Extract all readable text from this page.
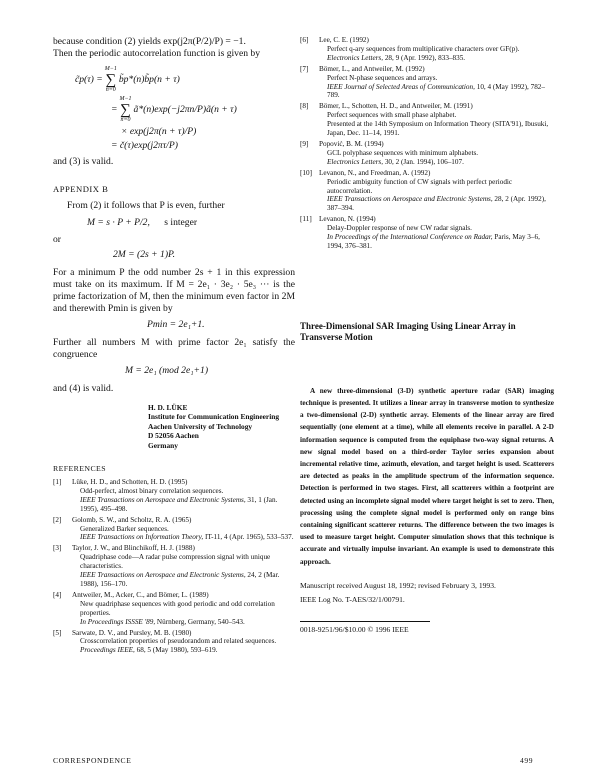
because condition (2) yields exp(j2π(P/2)/P) = −1.

Then the periodic autocorrelation function is given by

c̃p(τ) =
M−1
∑
n=0
b̃p*(n)b̃p(n + τ)
=
M−1
∑
n=0
ã*(n)exp(−j2πn/P)ã(n + τ)

× exp(j2π(n + τ)/P)

= č(τ)exp(j2πτ/P)

and (3) is valid.

APPENDIX B

From (2) it follows that P is even, further

M = s · P + P/2, s integer

or

2M = (2s + 1)P.

For a minimum P the odd number 2s + 1 in this expression must take on its maximum. If M = 2e₁ · 3e₂ · 5e₃ ··· is the prime factorization of M, then the minimum even factor in 2M and therewith Pmin is given by

Pmin = 2e₁+1.

Further all numbers M with prime factor 2e₁ satisfy the congruence

M = 2e₁ (mod 2e₁+1)

and (4) is valid.

H. D. LÜKE
Institute for Communication Engineering
Aachen University of Technology
D 52056 Aachen
Germany
REFERENCES
[1]	Lüke, H. D., and Schotten, H. D. (1995)
Odd-perfect, almost binary correlation sequences.
IEEE Transactions on Aerospace and Electronic Systems, 31, 1 (Jan. 1995), 495–498.
[2]	Golomb, S. W., and Scholtz, R. A. (1965)
Generalized Barker sequences.
IEEE Transactions on Information Theory, IT-11, 4 (Apr. 1965), 533–537.
[3]	Taylor, J. W., and Blinchikoff, H. J. (1988)
Quadriphase code—A radar pulse compression signal with unique characteristics.
IEEE Transactions on Aerospace and Electronic Systems, 24, 2 (Mar. 1988), 156–170.
[4]	Antweiler, M., Acker, C., and Bömer, L. (1989)
New quadriphase sequences with good periodic and odd correlation properties.
In Proceedings ISSSE '89, Nürnberg, Germany, 540–543.
[5]	Sarwate, D. V., and Pursley, M. B. (1980)
Crosscorrelation properties of pseudorandom and related sequences.
Proceedings IEEE, 68, 5 (May 1980), 593–619.
[6]	Lee, C. E. (1992)
Perfect q-ary sequences from multiplicative characters over GF(p).
Electronics Letters, 28, 9 (Apr. 1992), 833–835.
[7]	Bömer, L., and Antweiler, M. (1992)
Perfect N-phase sequences and arrays.
IEEE Journal of Selected Areas of Communication, 10, 4 (May 1992), 782–789.
[8]	Bömer, L., Schotten, H. D., and Antweiler, M. (1991)
Perfect sequences with small phase alphabet.
Presented at the 14th Symposium on Information Theory (SITA'91), Ibusuki, Japan, Dec. 11–14, 1991.
[9]	Popović, B. M. (1994)
GCL polyphase sequences with minimum alphabets.
Electronics Letters, 30, 2 (Jan. 1994), 106–107.
[10] Levanon, N., and Freedman, A. (1992)
Periodic ambiguity function of CW signals with perfect periodic autocorrelation.
IEEE Transactions on Aerospace and Electronic Systems, 28, 2 (Apr. 1992), 387–394.
[11]	Levanon, N. (1994)
Delay-Doppler response of new CW radar signals.
In Proceedings of the International Conference on Radar, Paris, May 3–6, 1994, 376–381.

Three-Dimensional SAR Imaging Using Linear Array in Transverse Motion

A new three-dimensional (3-D) synthetic aperture radar (SAR) imaging technique is presented. It utilizes a linear array in transverse motion to synthesize a two-dimensional (2-D) synthetic array. Elements of the linear array are fired sequentially (one element at a time), while all elements receive in parallel. A 2-D information sequence is computed from the equiphase two-way signal returns. A new signal model based on a third-order Taylor series expansion about incremental relative time, azimuth, elevation, and target height is used. Scatterers are detected as peaks in the amplitude spectrum of the information sequence. Detection is performed in two stages. First, all scatterers within a footprint are detected using an incomplete signal model where target height is set to zero. Then, processing using the complete signal model is performed only on range bins containing significant scatterer returns. The difference between the two images is used to measure target height. Computer simulation shows that this technique is accurate and virtually impulse invariant. An example is used to demonstrate this approach.

Manuscript received August 18, 1992; revised February 3, 1993.

IEEE Log No. T-AES/32/1/00791.

0018-9251/96/$10.00 © 1996 IEEE

CORRESPONDENCE	499
